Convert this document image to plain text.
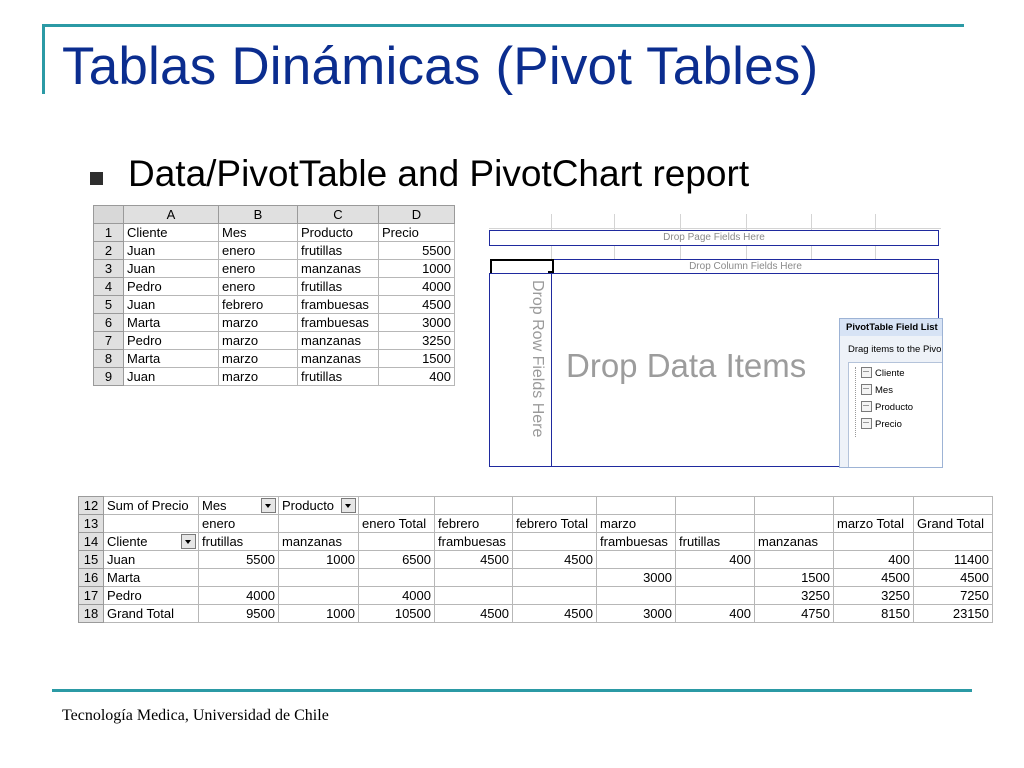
Tablas Dinámicas (Pivot Tables)
Data/PivotTable and PivotChart report
	A	B	C	D
1	Cliente	Mes	Producto	Precio
2	Juan	enero	frutillas	5500
3	Juan	enero	manzanas	1000
4	Pedro	enero	frutillas	4000
5	Juan	febrero	frambuesas	4500
6	Marta	marzo	frambuesas	3000
7	Pedro	marzo	manzanas	3250
8	Marta	marzo	manzanas	1500
9	Juan	marzo	frutillas	400
Drop Page Fields Here
Drop Column Fields Here
Drop Row Fields Here Drop Data Items
PivotTable Field List
Drag items to the Pivo
Cliente
Mes
Producto
Precio
12	Sum of Precio	Mes	Producto

13		enero		enero Total	febrero	febrero Total	marzo			marzo Total	Grand Total
14	Cliente	frutillas	manzanas		frambuesas		frambuesas	frutillas	manzanas		
15	Juan	5500	1000	6500	4500	4500		400		400	11400
16	Marta						3000		1500	4500	4500
17	Pedro	4000		4000					3250	3250	7250
18	Grand Total	9500	1000	10500	4500	4500	3000	400	4750	8150	23150
Tecnología Medica, Universidad de Chile
